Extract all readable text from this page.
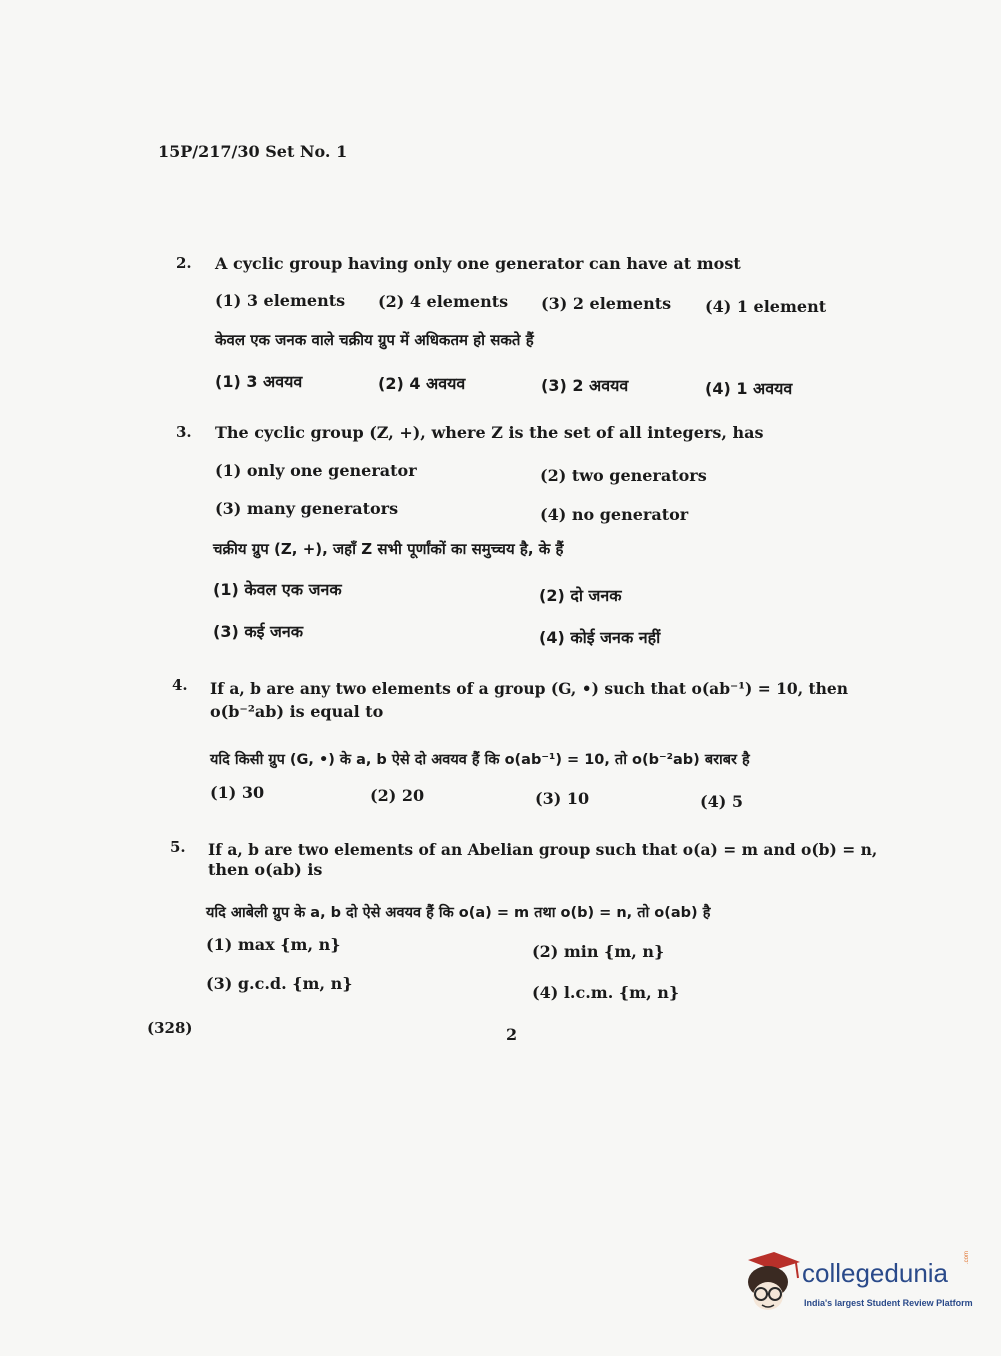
15P/217/30 Set No. 1
2. A cyclic group having only one generator can have at most
(1) 3 elements (2) 4 elements (3) 2 elements (4) 1 element
केवल एक जनक वाले चक्रीय ग्रुप में अधिकतम हो सकते हैं
(1) 3 अवयव	(2) 4 अवयव	(3) 2 अवयव	(4) 1 अवयव
3. The cyclic group (Z, +), where Z is the set of all integers, has
(1) only one generator	(2) two generators
(3) many generators	(4) no generator
चक्रीय ग्रुप (Z, +), जहाँ Z सभी पूर्णांकों का समुच्चय है, के हैं
(1) केवल एक जनक	(2) दो जनक
(3) कई जनक	(4) कोई जनक नहीं
4. If a, b are any two elements of a group (G, •) such that o(ab⁻¹) = 10, then
o(b⁻²ab) is equal to
यदि किसी ग्रुप (G, •) के a, b ऐसे दो अवयव हैं कि o(ab⁻¹) = 10, तो o(b⁻²ab) बराबर है
(1) 30	(2) 20	(3) 10	(4) 5
5. If a, b are two elements of an Abelian group such that o(a) = m and o(b) = n,
then o(ab) is
यदि आबेली ग्रुप के a, b दो ऐसे अवयव हैं कि o(a) = m तथा o(b) = n, तो o(ab) है
(1) max {m, n}	(2) min {m, n}
(3) g.c.d. {m, n}	(4) l.c.m. {m, n}
(328)	2
collegedunia
.com
India's largest Student Review Platform
